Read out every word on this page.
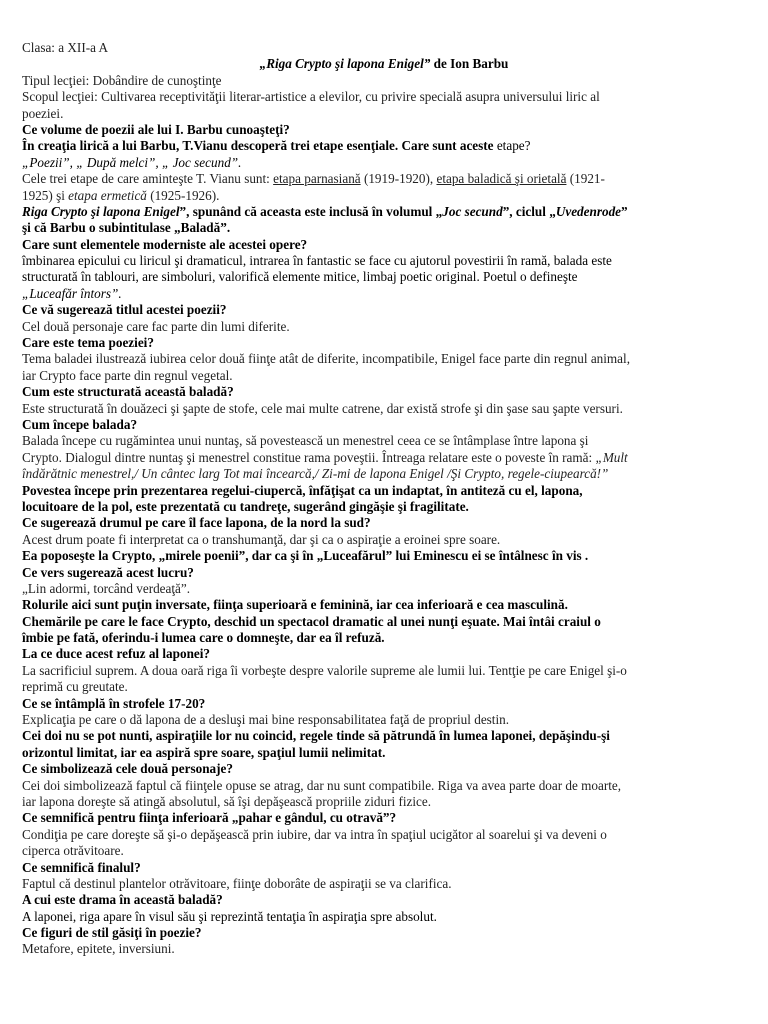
Clasa: a XII-a A
„Riga Crypto şi lapona Enigel” de Ion Barbu
Tipul lecţiei: Dobândire de cunoştinţe
Scopul lecţiei: Cultivarea receptivităţii literar-artistice a elevilor, cu privire specială asupra universului liric al
poeziei.
Ce volume de poezii ale lui I. Barbu cunoaşteţi?
În creaţia lirică a lui Barbu, T.Vianu descoperă trei etape esenţiale. Care sunt aceste etape?
„Poezii”, „ După melci”, „ Joc secund”.
Cele trei etape de care aminteşte T. Vianu sunt: etapa parnasiană (1919-1920), etapa baladică şi orietală (1921-
1925) şi etapa ermetică (1925-1926).
Riga Crypto şi lapona Enigel”, spunând că aceasta este inclusă în volumul „Joc secund”, ciclul „Uvedenrode”
şi că Barbu o subintitulase „Baladă”.
Care sunt elementele moderniste ale acestei opere?
îmbinarea epicului cu liricul şi dramaticul, intrarea în fantastic se face cu ajutorul povestirii în ramă, balada este
structurată în tablouri, are simboluri, valorifică elemente mitice, limbaj poetic original. Poetul o defineşte
„Luceafăr întors”.
Ce vă sugerează titlul acestei poezii?
Cel două personaje care fac parte din lumi diferite.
Care este tema poeziei?
Tema baladei ilustrează iubirea celor două fiinţe atât de diferite, incompatibile, Enigel face parte din regnul animal,
iar Crypto face parte din regnul vegetal.
Cum este structurată această baladă?
Este structurată în douăzeci şi şapte de stofe, cele mai multe catrene, dar există strofe şi din şase sau şapte versuri.
Cum începe balada?
Balada începe cu rugămintea unui nuntaş, să povestească un menestrel ceea ce se întâmplase între lapona şi
Crypto. Dialogul dintre nuntaş şi menestrel constitue rama poveştii. Întreaga relatare este o poveste în ramă: „Mult
îndărătnic menestrel,/ Un cântec larg Tot mai încearcă,/ Zi-mi de lapona Enigel /Şi Crypto, regele-ciupearcă!”
Povestea începe prin prezentarea regelui-ciupercă, înfăţişat ca un indaptat, în antiteză cu el, lapona,
locuitoare de la pol, este prezentată cu tandreţe, sugerând gingăşie şi fragilitate.
Ce sugerează drumul pe care îl face lapona, de la nord la sud?
Acest drum poate fi interpretat ca o transhumanţă, dar şi ca o aspiraţie a eroinei spre soare.
Ea poposeşte la Crypto, „mirele poenii”, dar ca şi în „Luceafărul” lui Eminescu ei se întâlnesc în vis .
Ce vers sugerează acest lucru?
„Lin adormi, torcând verdeaţă”.
Rolurile aici sunt puţin inversate, fiinţa superioară e feminină, iar cea inferioară e cea masculină.
Chemările pe care le face Crypto, deschid un spectacol dramatic al unei nunţi eşuate. Mai întâi craiul o
îmbie pe fată, oferindu-i lumea care o domneşte, dar ea îl refuză.
La ce duce acest refuz al laponei?
La sacrificiul suprem. A doua oară riga îi vorbeşte despre valorile supreme ale lumii lui. Tentţie pe care Enigel şi-o
reprimă cu greutate.
Ce se întâmplă în strofele 17-20?
Explicaţia pe care o dă lapona de a desluşi mai bine responsabilitatea faţă de propriul destin.
Cei doi nu se pot nunti, aspiraţiile lor nu coincid, regele tinde să pătrundă în lumea laponei, depăşindu-şi
orizontul limitat, iar ea aspiră spre soare, spaţiul lumii nelimitat.
Ce simbolizează cele două personaje?
Cei doi simbolizează faptul că fiinţele opuse se atrag, dar nu sunt compatibile. Riga va avea parte doar de moarte,
iar lapona doreşte să atingă absolutul, să îşi depăşească propriile ziduri fizice.
Ce semnifică pentru fiinţa inferioară „pahar e gândul, cu otravă”?
Condiţia pe care doreşte să şi-o depăşească prin iubire, dar va intra în spaţiul ucigător al soarelui şi va deveni o
ciperca otrăvitoare.
Ce semnifică finalul?
Faptul că destinul plantelor otrăvitoare, fiinţe doborâte de aspiraţii se va clarifica.
A cui este drama în această baladă?
A laponei, riga apare în visul său şi reprezintă tentaţia în aspiraţia spre absolut.
Ce figuri de stil găsiţi în poezie?
Metafore, epitete, inversiuni.
